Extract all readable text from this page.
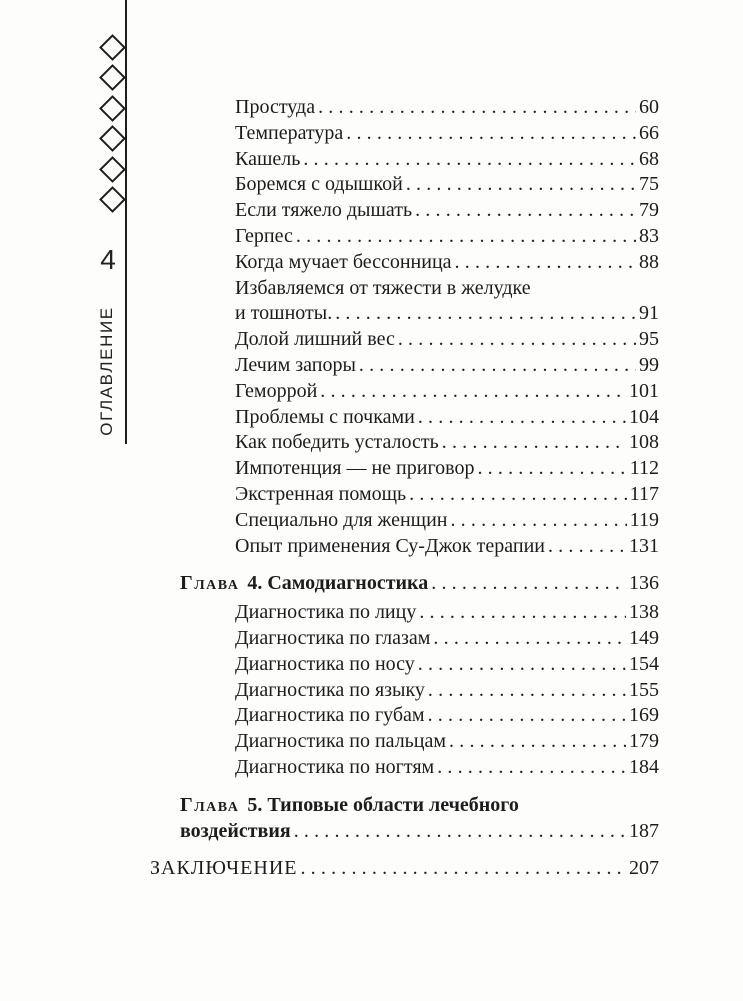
4
ОГЛАВЛЕНИЕ
Простуда .....	60
Температура .....	66
Кашель .....	68
Боремся с одышкой .....	75
Если тяжело дышать .....	79
Герпес .....	83
Когда мучает бессонница .....	88
Избавляемся от тяжести в желудке
и тошноты. .....	91
Долой лишний вес .....	95
Лечим запоры .....	99
Геморрой .....	101
Проблемы с почками .....	104
Как победить усталость .....	108
Импотенция — не приговор .....	112
Экстренная помощь .....	117
Специально для женщин .....	119
Опыт применения Су-Джок терапии .....	131
Глава 4. Самодиагностика .....	136
Диагностика по лицу .....	138
Диагностика по глазам .....	149
Диагностика по носу .....	154
Диагностика по языку .....	155
Диагностика по губам .....	169
Диагностика по пальцам .....	179
Диагностика по ногтям .....	184
Глава 5. Типовые области лечебного
воздействия .....	187
ЗАКЛЮЧЕНИЕ .....	207
